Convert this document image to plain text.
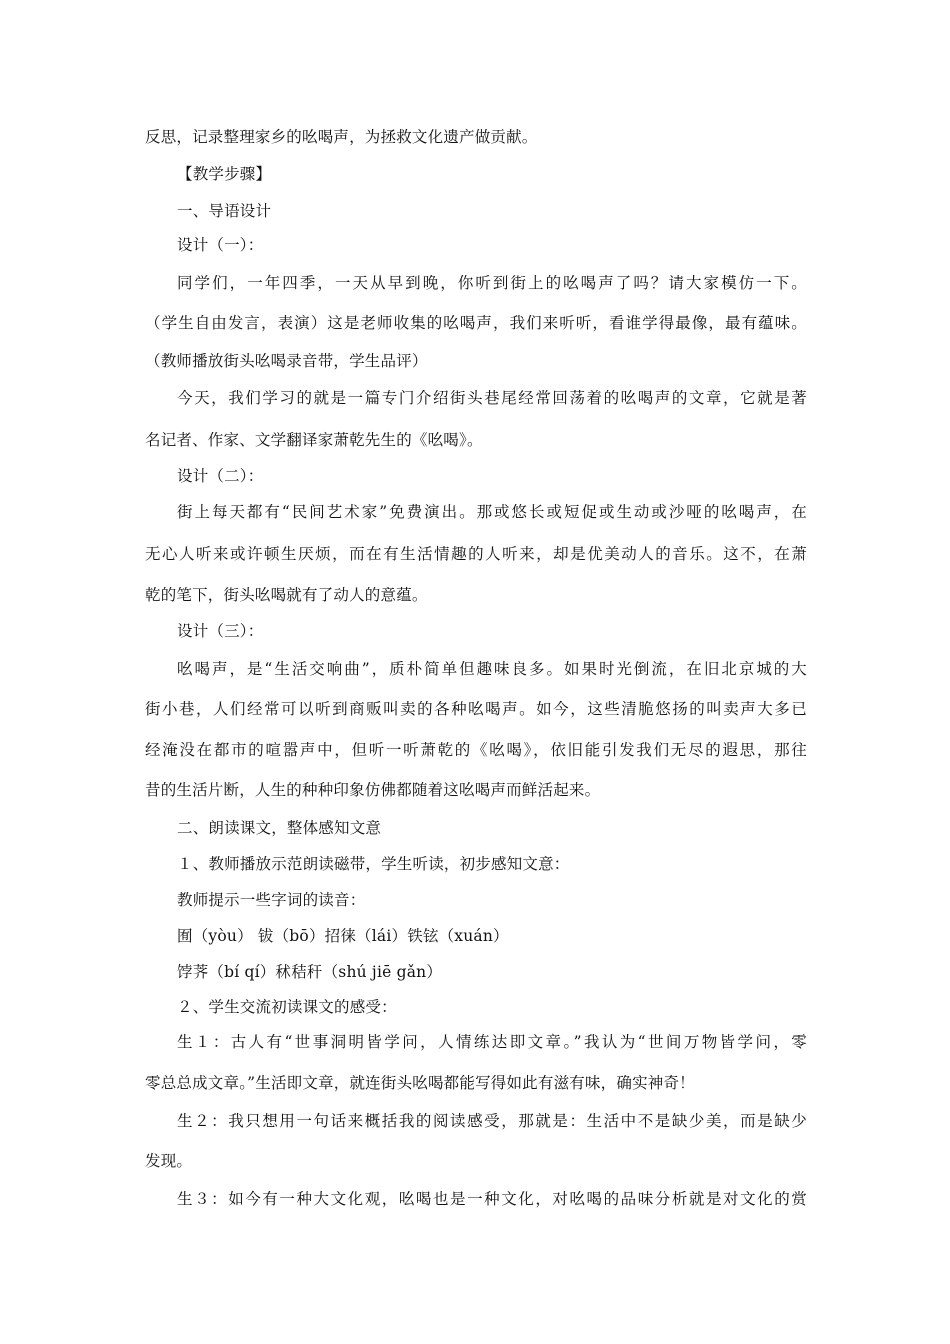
反思，记录整理家乡的吆喝声，为拯救文化遗产做贡献。
【教学步骤】
一、导语设计
设计（一）：
同学们，一年四季，一天从早到晚，你听到街上的吆喝声了吗？请大家模仿一下。
（学生自由发言，表演）这是老师收集的吆喝声，我们来听听，看谁学得最像，最有蕴味。
（教师播放街头吆喝录音带，学生品评）
今天，我们学习的就是一篇专门介绍街头巷尾经常回荡着的吆喝声的文章，它就是著
名记者、作家、文学翻译家萧乾先生的《吆喝》。
设计（二）：
街上每天都有“民间艺术家”免费演出。那或悠长或短促或生动或沙哑的吆喝声，在
无心人听来或许顿生厌烦，而在有生活情趣的人听来，却是优美动人的音乐。这不，在萧
乾的笔下，街头吆喝就有了动人的意蕴。
设计（三）：
吆喝声，是“生活交响曲”，质朴简单但趣味良多。如果时光倒流，在旧北京城的大
街小巷，人们经常可以听到商贩叫卖的各种吆喝声。如今，这些清脆悠扬的叫卖声大多已
经淹没在都市的喧嚣声中，但听一听萧乾的《吆喝》，依旧能引发我们无尽的遐思，那往
昔的生活片断，人生的种种印象仿佛都随着这吆喝声而鲜活起来。
二、朗读课文，整体感知文意
１、教师播放示范朗读磁带，学生听读，初步感知文意：
教师提示一些字词的读音：
囿（yòu） 钹（bō）招徕（lái）铁铉（xuán）
饽荠（bí qí）秫秸秆（shú jiē gǎn）
２、学生交流初读课文的感受：
生１：古人有“世事洞明皆学问，人情练达即文章。”我认为“世间万物皆学问，零
零总总成文章。”生活即文章，就连街头吆喝都能写得如此有滋有味，确实神奇！
生２：我只想用一句话来概括我的阅读感受，那就是：生活中不是缺少美，而是缺少
发现。
生３：如今有一种大文化观，吆喝也是一种文化，对吆喝的品味分析就是对文化的赏
